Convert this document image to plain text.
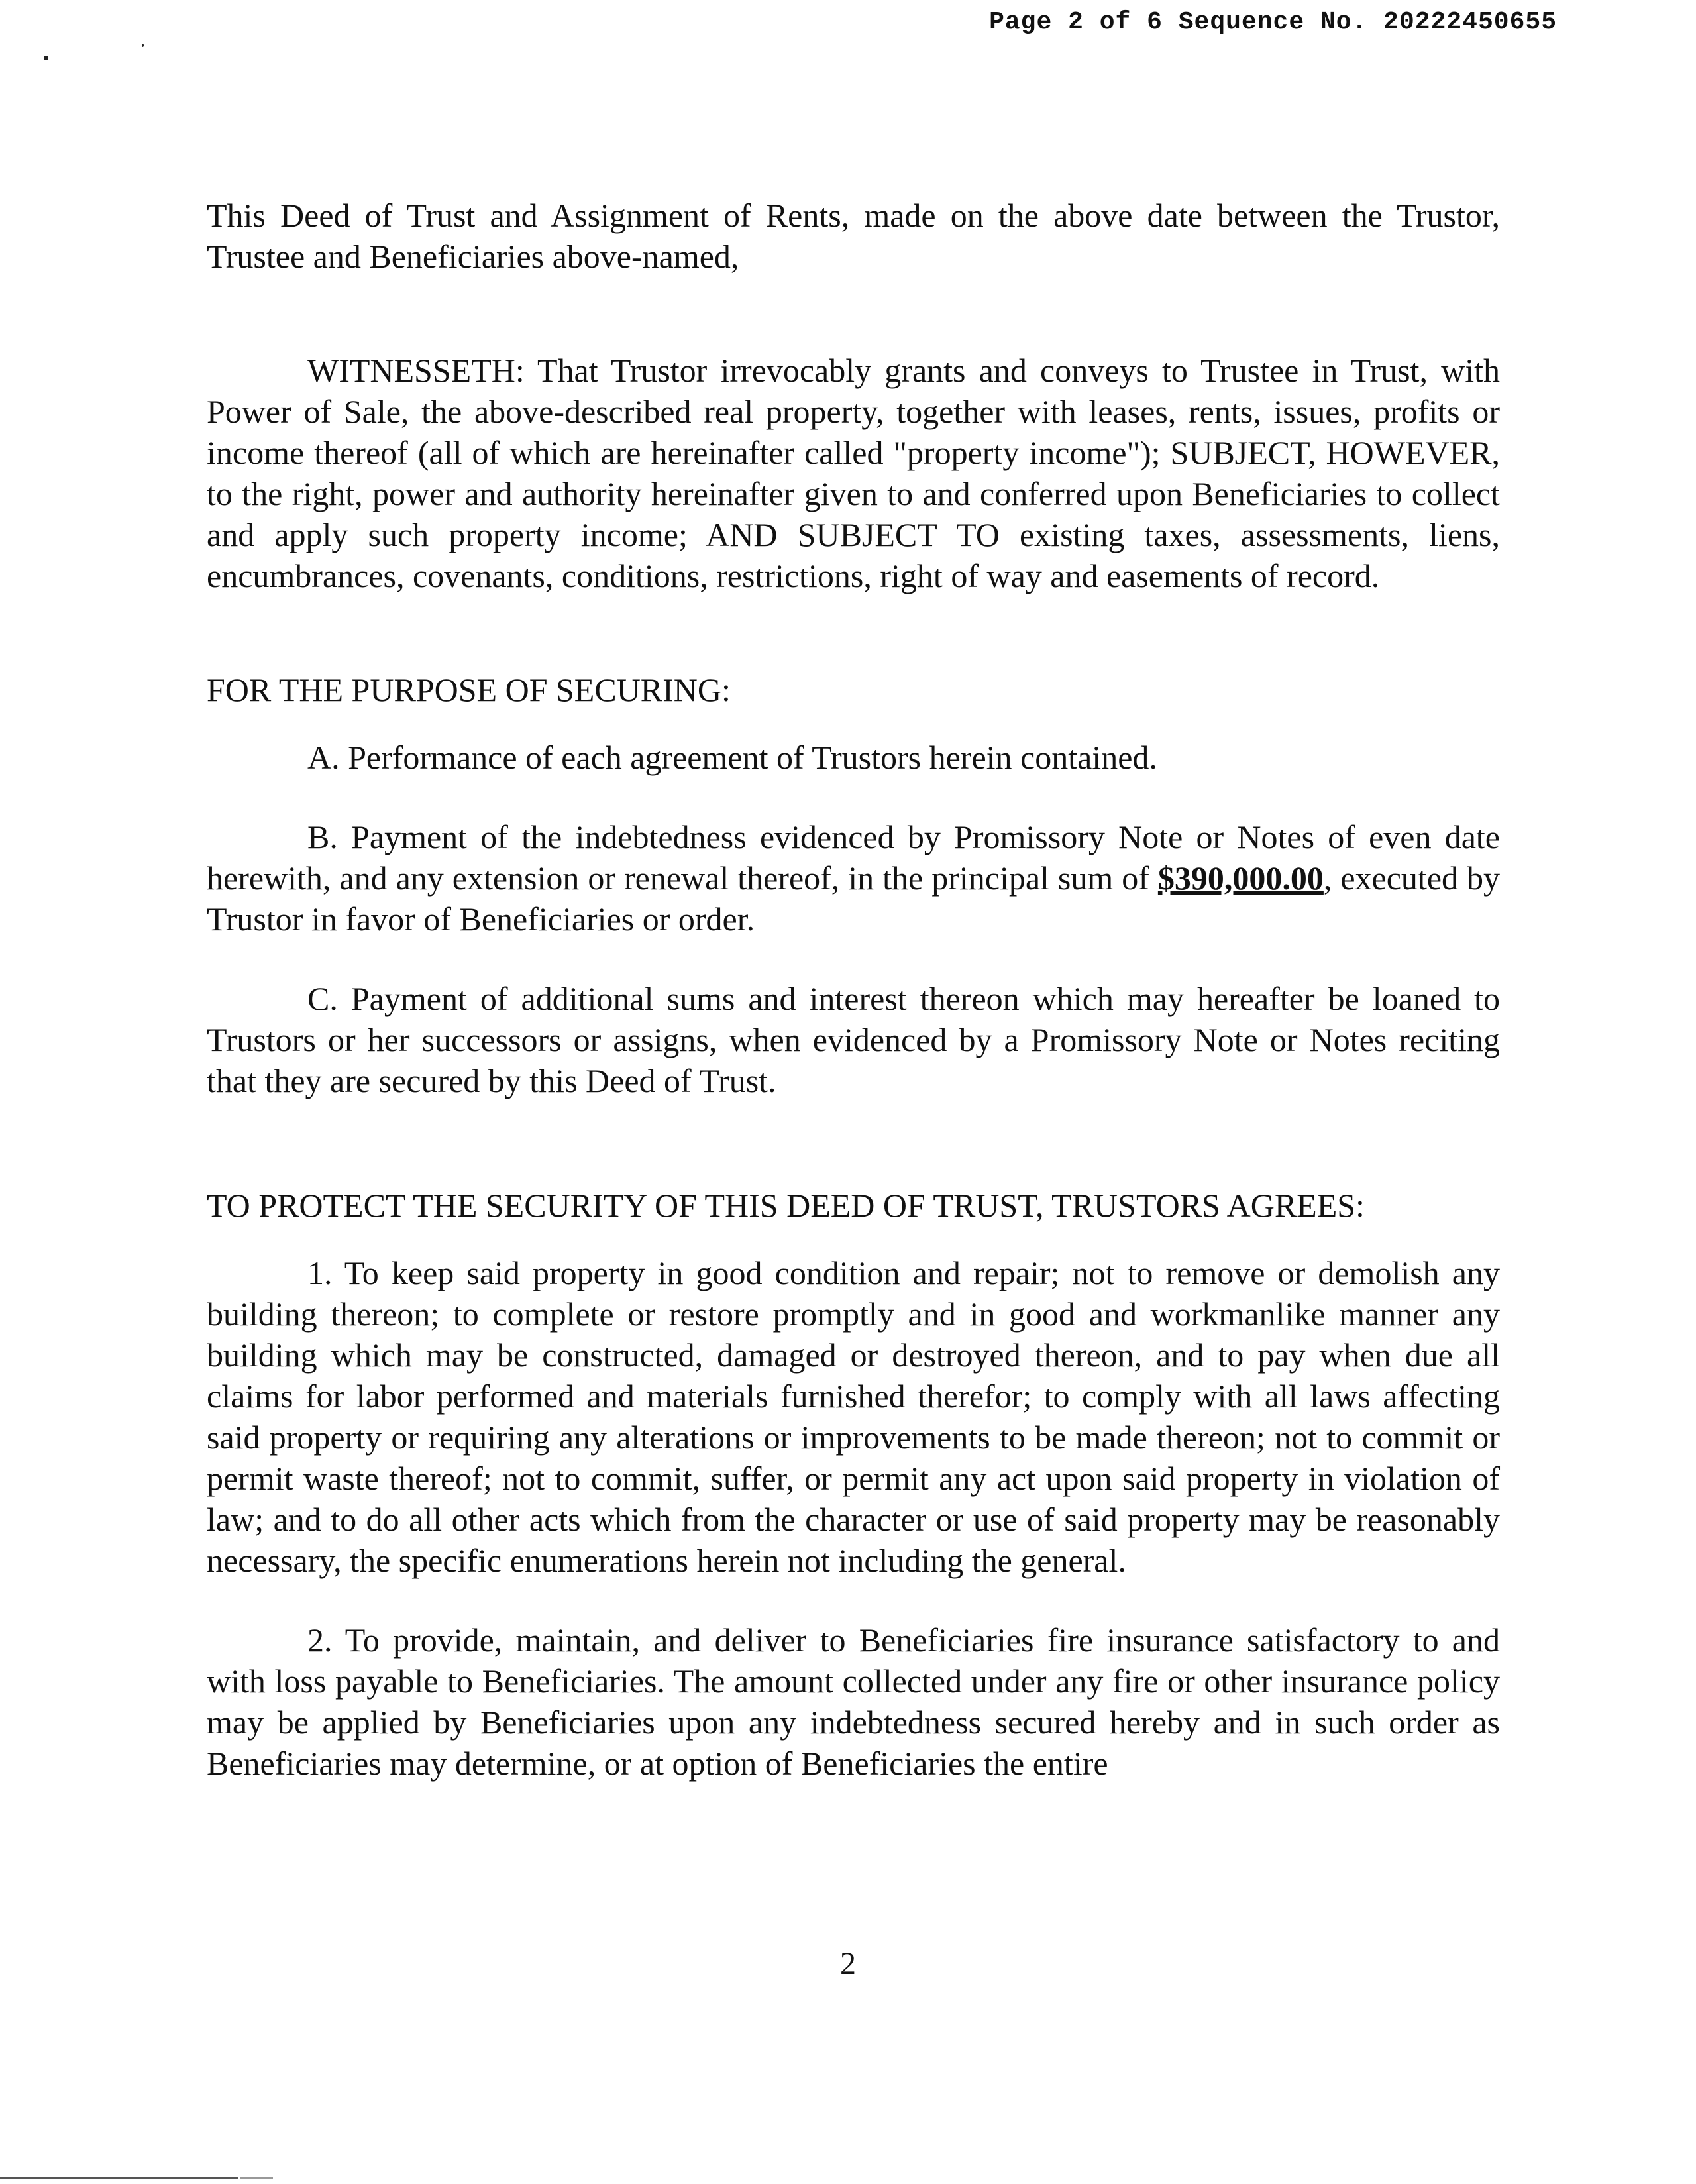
Page 2 of 6 Sequence No. 20222450655

This Deed of Trust and Assignment of Rents, made on the above date between the Trustor, Trustee and Beneficiaries above-named,

WITNESSETH: That Trustor irrevocably grants and conveys to Trustee in Trust, with Power of Sale, the above-described real property, together with leases, rents, issues, profits or income thereof (all of which are hereinafter called "property income"); SUBJECT, HOWEVER, to the right, power and authority hereinafter given to and conferred upon Beneficiaries to collect and apply such property income; AND SUBJECT TO existing taxes, assessments, liens, encumbrances, covenants, conditions, restrictions, right of way and easements of record.

FOR THE PURPOSE OF SECURING:

A. Performance of each agreement of Trustors herein contained.

B. Payment of the indebtedness evidenced by Promissory Note or Notes of even date herewith, and any extension or renewal thereof, in the principal sum of $390,000.00, executed by Trustor in favor of Beneficiaries or order.

C. Payment of additional sums and interest thereon which may hereafter be loaned to Trustors or her successors or assigns, when evidenced by a Promissory Note or Notes reciting that they are secured by this Deed of Trust.

TO PROTECT THE SECURITY OF THIS DEED OF TRUST, TRUSTORS AGREES:

1. To keep said property in good condition and repair; not to remove or demolish any building thereon; to complete or restore promptly and in good and workmanlike manner any building which may be constructed, damaged or destroyed thereon, and to pay when due all claims for labor performed and materials furnished therefor; to comply with all laws affecting said property or requiring any alterations or improvements to be made thereon; not to commit or permit waste thereof; not to commit, suffer, or permit any act upon said property in violation of law; and to do all other acts which from the character or use of said property may be reasonably necessary, the specific enumerations herein not including the general.

2. To provide, maintain, and deliver to Beneficiaries fire insurance satisfactory to and with loss payable to Beneficiaries. The amount collected under any fire or other insurance policy may be applied by Beneficiaries upon any indebtedness secured hereby and in such order as Beneficiaries may determine, or at option of Beneficiaries the entire

2
